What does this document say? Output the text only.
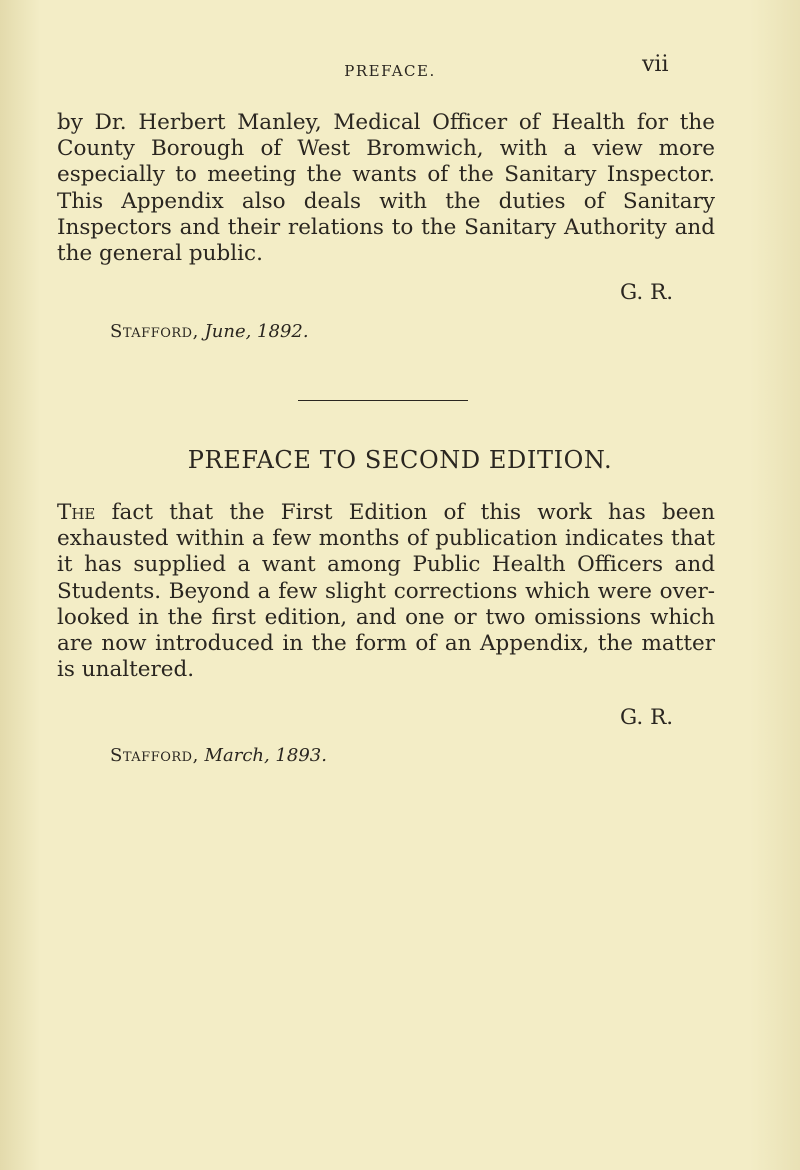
PREFACE.	vii

by Dr. Herbert Manley, Medical Officer of Health for the County Borough of West Bromwich, with a view more especially to meeting the wants of the Sanitary Inspector. This Appendix also deals with the duties of Sanitary Inspectors and their relations to the Sanitary Authority and the general public.

G. R.
Stafford, June, 1892.
PREFACE TO SECOND EDITION.

The fact that the First Edition of this work has been exhausted within a few months of publication indicates that it has supplied a want among Public Health Officers and Students. Beyond a few slight corrections which were over-looked in the first edition, and one or two omissions which are now introduced in the form of an Appendix, the matter is unaltered.

G. R.
Stafford, March, 1893.
